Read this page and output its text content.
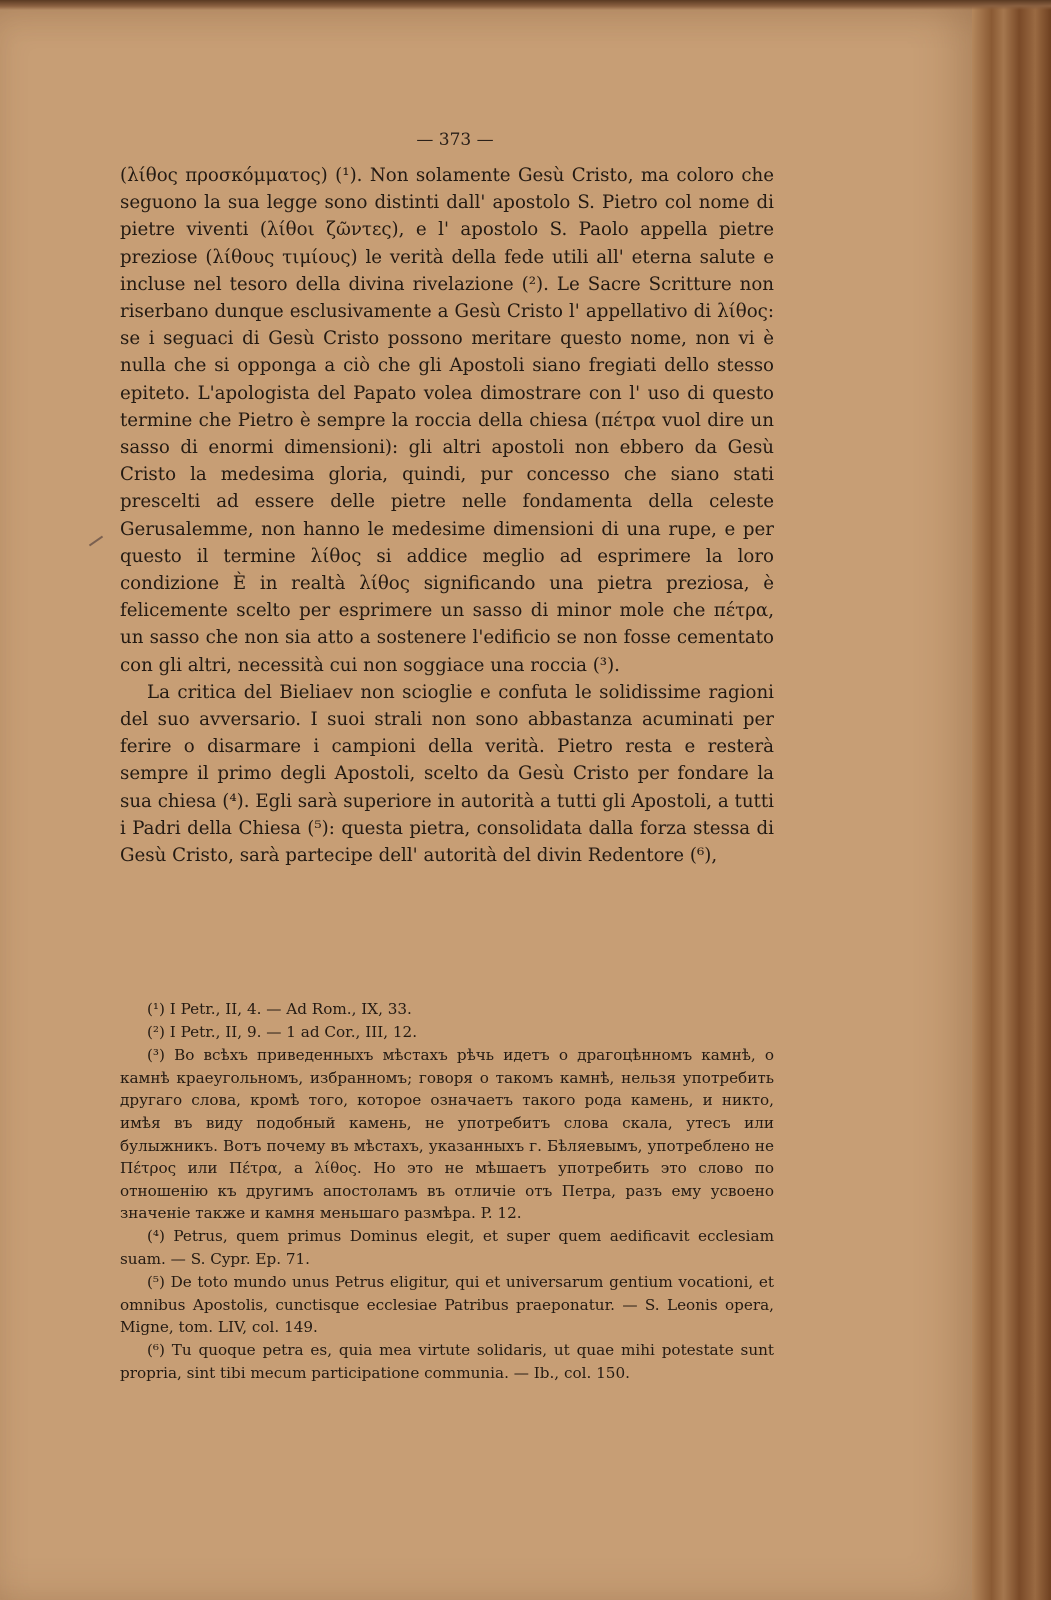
— 373 —

(λίθος προσκόμματος) (¹). Non solamente Gesù Cristo, ma coloro che seguono la sua legge sono distinti dall' apostolo S. Pietro col nome di pietre viventi (λίθοι ζῶντες), e l' apostolo S. Paolo appella pietre preziose (λίθους τιμίους) le verità della fede utili all' eterna salute e incluse nel tesoro della divina rivelazione (²). Le Sacre Scritture non riserbano dunque esclusivamente a Gesù Cristo l' appellativo di λίθος: se i seguaci di Gesù Cristo possono meritare questo nome, non vi è nulla che si opponga a ciò che gli Apostoli siano fregiati dello stesso epiteto. L'apologista del Papato volea dimostrare con l' uso di questo termine che Pietro è sempre la roccia della chiesa (πέτρα vuol dire un sasso di enormi dimensioni): gli altri apostoli non ebbero da Gesù Cristo la medesima gloria, quindi, pur concesso che siano stati prescelti ad essere delle pietre nelle fondamenta della celeste Gerusalemme, non hanno le medesime dimensioni di una rupe, e per questo il termine λίθος si addice meglio ad esprimere la loro condizione È in realtà λίθος significando una pietra preziosa, è felicemente scelto per esprimere un sasso di minor mole che πέτρα, un sasso che non sia atto a sostenere l'edificio se non fosse cementato con gli altri, necessità cui non soggiace una roccia (³).

La critica del Bieliaev non scioglie e confuta le solidissime ragioni del suo avversario. I suoi strali non sono abbastanza acuminati per ferire o disarmare i campioni della verità. Pietro resta e resterà sempre il primo degli Apostoli, scelto da Gesù Cristo per fondare la sua chiesa (⁴). Egli sarà superiore in autorità a tutti gli Apostoli, a tutti i Padri della Chiesa (⁵): questa pietra, consolidata dalla forza stessa di Gesù Cristo, sarà partecipe dell' autorità del divin Redentore (⁶),

(¹) I Petr., II, 4. — Ad Rom., IX, 33.

(²) I Petr., II, 9. — 1 ad Cor., III, 12.

(³) Во всѣхъ приведенныхъ мѣстахъ рѣчь идетъ о драгоцѣнномъ камнѣ, о камнѣ краеугольномъ, избранномъ; говоря о такомъ камнѣ, нельзя употребить другаго слова, кромѣ того, которое означаетъ такого рода камень, и никто, имѣя въ виду подобный камень, не употребитъ слова скала, утесъ или булыжникъ. Вотъ почему въ мѣстахъ, указанныхъ г. Бѣляевымъ, употреблено не Πέτρος или Πέτρα, а λίθος. Но это не мѣшаетъ употребить это слово по отношенію къ другимъ апостоламъ въ отличіе отъ Петра, разъ ему усвоено значеніе также и камня меньшаго размѣра. P. 12.

(⁴) Petrus, quem primus Dominus elegit, et super quem aedificavit ecclesiam suam. — S. Cypr. Ep. 71.

(⁵) De toto mundo unus Petrus eligitur, qui et universarum gentium vocationi, et omnibus Apostolis, cunctisque ecclesiae Patribus praeponatur. — S. Leonis opera, Migne, tom. LIV, col. 149.

(⁶) Tu quoque petra es, quia mea virtute solidaris, ut quae mihi potestate sunt propria, sint tibi mecum participatione communia. — Ib., col. 150.
